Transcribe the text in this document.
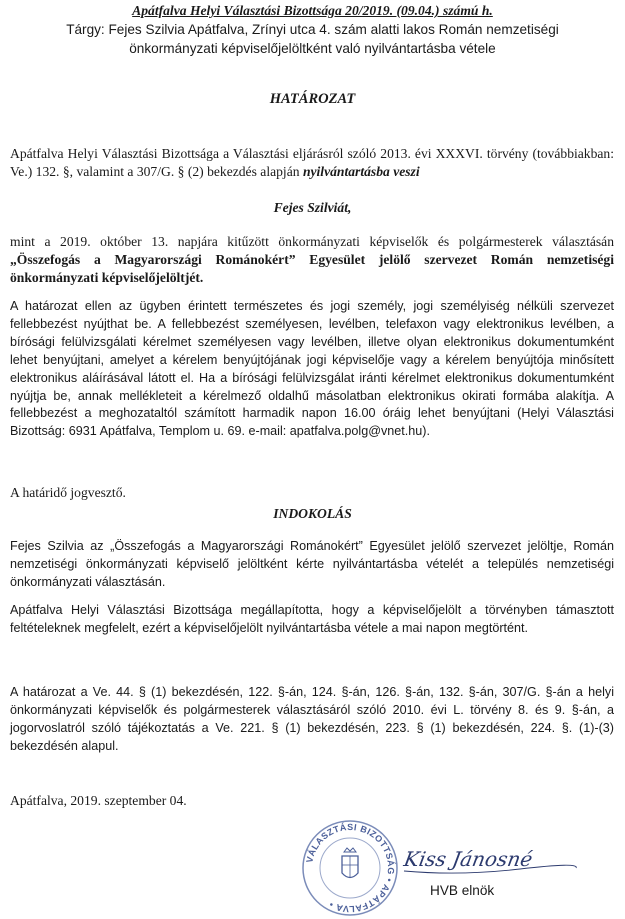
Apátfalva Helyi Választási Bizottsága 20/2019. (09.04.) számú h.
Tárgy: Fejes Szilvia Apátfalva, Zrínyi utca 4. szám alatti lakos Román nemzetiségi
önkormányzati képviselőjelöltként való nyilvántartásba vétele
HATÁROZAT
Apátfalva Helyi Választási Bizottsága a Választási eljárásról szóló 2013. évi XXXVI. törvény (továbbiakban: Ve.) 132. §, valamint a 307/G. § (2) bekezdés alapján nyilvántartásba veszi
Fejes Szilviát,
mint a 2019. október 13. napjára kitűzött önkormányzati képviselők és polgármesterek választásán „Összefogás a Magyarországi Románokért” Egyesület jelölő szervezet Román nemzetiségi önkormányzati képviselőjelöltjét.
A határozat ellen az ügyben érintett természetes és jogi személy, jogi személyiség nélküli szervezet fellebbezést nyújthat be. A fellebbezést személyesen, levélben, telefaxon vagy elektronikus levélben, a bírósági felülvizsgálati kérelmet személyesen vagy levélben, illetve olyan elektronikus dokumentumként lehet benyújtani, amelyet a kérelem benyújtójának jogi képviselője vagy a kérelem benyújtója minősített elektronikus aláírásával látott el. Ha a bírósági felülvizsgálat iránti kérelmet elektronikus dokumentumként nyújtja be, annak mellékleteit a kérelmező oldalhű másolatban elektronikus okirati formába alakítja. A fellebbezést a meghozataltól számított harmadik napon 16.00 óráig lehet benyújtani (Helyi Választási Bizottság: 6931 Apátfalva, Templom u. 69. e-mail: apatfalva.polg@vnet.hu).
A határidő jogvesztő.
INDOKOLÁS
Fejes Szilvia az „Összefogás a Magyarországi Románokért” Egyesület jelölő szervezet jelöltje, Román nemzetiségi önkormányzati képviselő jelöltként kérte nyilvántartásba vételét a település nemzetiségi önkormányzati választásán.
Apátfalva Helyi Választási Bizottsága megállapította, hogy a képviselőjelölt a törvényben támasztott feltételeknek megfelelt, ezért a képviselőjelölt nyilvántartásba vétele a mai napon megtörtént.
A határozat a Ve. 44. § (1) bekezdésén, 122. §-án, 124. §-án, 126. §-án, 132. §-án, 307/G. §-án a helyi önkormányzati képviselők és polgármesterek választásáról szóló 2010. évi L. törvény 8. és 9. §-án, a jogorvoslatról szóló tájékoztatás a Ve. 221. § (1) bekezdésén, 223. § (1) bekezdésén, 224. §. (1)-(3) bekezdésén alapul.
Apátfalva, 2019. szeptember 04.
VÁLASZTÁSI BIZOTTSÁG • APÁTFALVA •
Kiss Jánosné
HVB elnök
